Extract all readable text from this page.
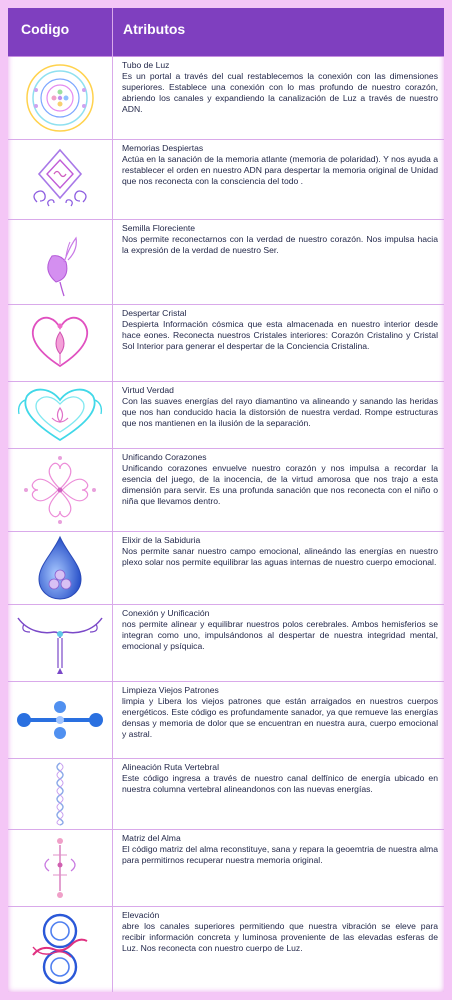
Codigo	Atributos
Tubo de Luz
Es un portal a través del cual restablecemos la conexión con las dimensiones superiores. Establece una conexión con lo mas profundo de nuestro corazón, abriendo los canales y expandiendo la canalización de Luz a través de nuestro ADN.
Memorias Despiertas
Actúa en la sanación de la memoria atlante (memoria de polaridad). Y nos ayuda a restablecer el orden en nuestro ADN para despertar la memoria original de Unidad que nos reconecta con la consciencia del todo .
Semilla Floreciente
Nos permite reconectarnos con la verdad de nuestro corazón. Nos impulsa hacia la expresión de la verdad de nuestro Ser.
Despertar Cristal
Despierta Información cósmica que esta almacenada en nuestro interior desde hace eones. Reconecta nuestros Cristales interiores: Corazón Cristalino y Cristal Sol Interior para generar el despertar de la Conciencia Cristalina.
Virtud Verdad
Con las suaves energías del rayo diamantino va alineando y sanando las heridas que nos han conducido hacia la distorsión de nuestra verdad. Rompe estructuras que nos mantienen en la ilusión de la separación.
Unificando Corazones
Unificando corazones envuelve nuestro corazón y nos impulsa a recordar la esencia del juego, de la inocencia, de la virtud amorosa que nos trajo a esta dimensión para servir. Es una profunda sanación que nos reconecta con el niño o niña que llevamos dentro.
Elixir de la Sabiduria
Nos permite sanar nuestro campo emocional, alineándo las energías en nuestro plexo solar nos permite equilibrar las aguas internas de nuestro cuerpo emocional.
Conexión y Unificación
nos permite alinear y equilibrar nuestros polos cerebrales. Ambos hemisferios se integran como uno, impulsándonos al despertar de nuestra integridad mental, emocional y psíquica.
Limpieza Viejos Patrones
limpia y Libera los viejos patrones que están arraigados en nuestros cuerpos energéticos. Este código es profundamente sanador, ya que remueve las energías densas y memoria de dolor que se encuentran en nuestra aura, cuerpo emocional y astral.
Alineación Ruta Vertebral
Este código ingresa a través de nuestro canal delfínico de energía ubicado en nuestra columna vertebral alineandonos con las nuevas energías.
Matriz del Alma
El código matriz del alma reconstituye, sana y repara la geoemtria de nuestra alma para permitirnos recuperar nuestra memoria original.
Elevación
abre los canales superiores permitiendo que nuestra vibración se eleve para recibir información concreta y luminosa proveniente de las elevadas esferas de Luz. Nos reconecta con nuestro cuerpo de Luz.
